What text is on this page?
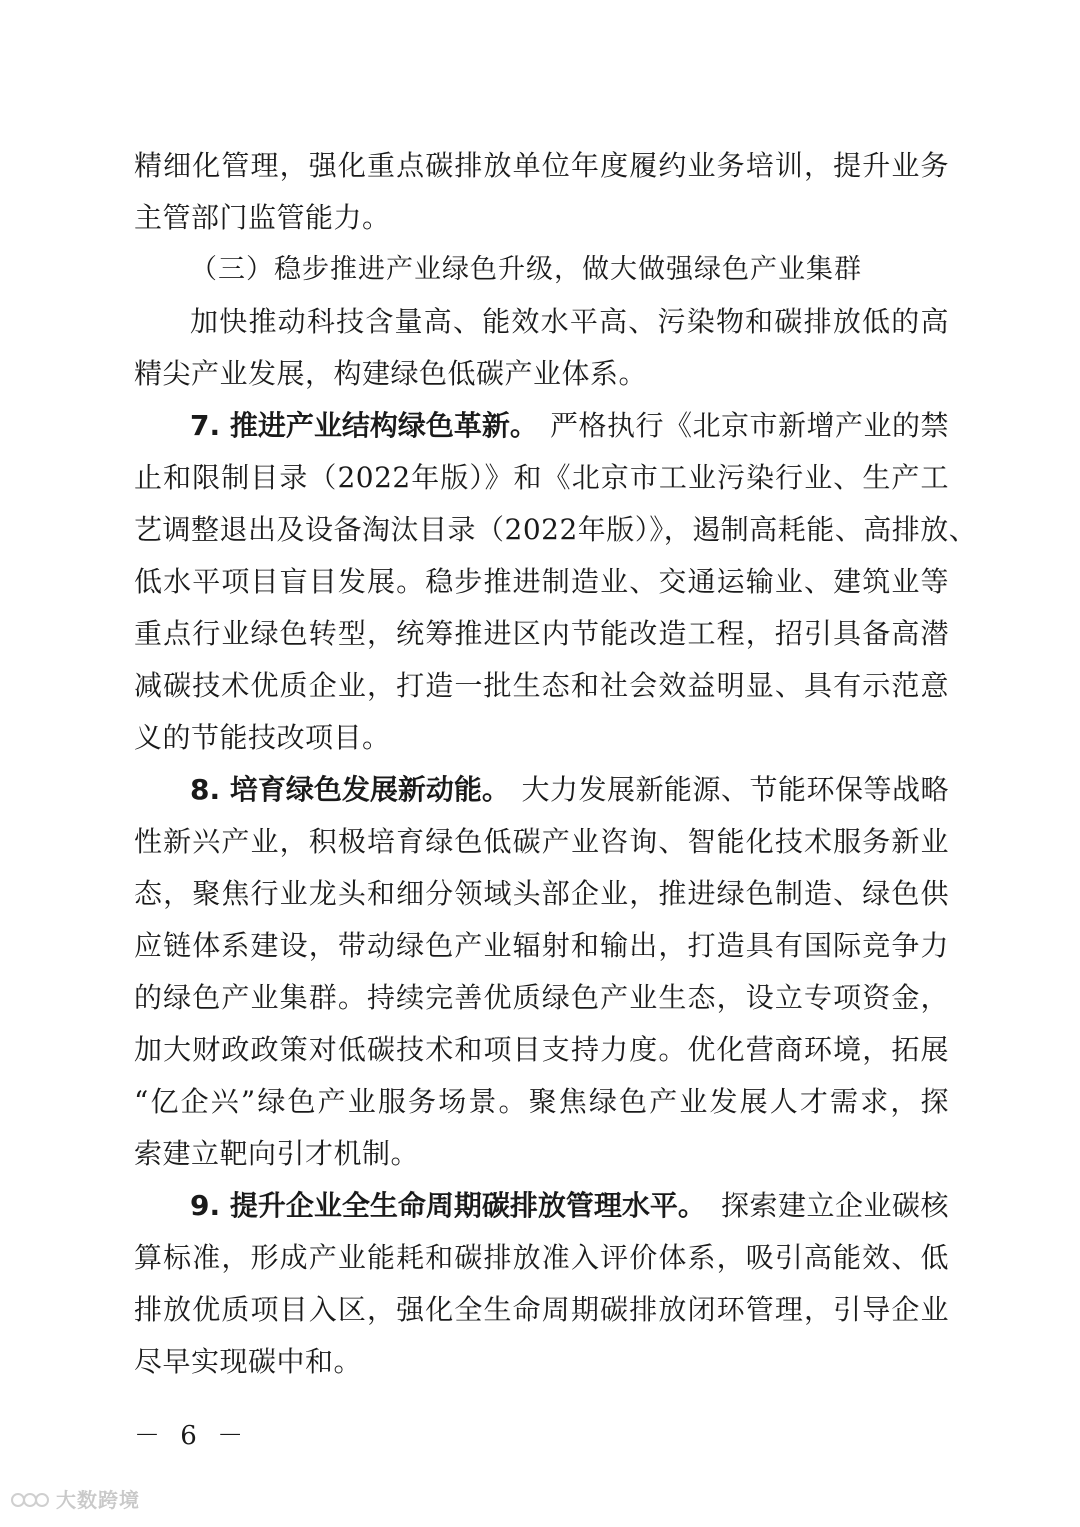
精细化管理，强化重点碳排放单位年度履约业务培训，提升业务
主管部门监管能力。
（三）稳步推进产业绿色升级，做大做强绿色产业集群
加快推动科技含量高、能效水平高、污染物和碳排放低的高
精尖产业发展，构建绿色低碳产业体系。
7. 推进产业结构绿色革新。 严格执行《北京市新增产业的禁
止和限制目录（2022年版）》和《北京市工业污染行业、生产工
艺调整退出及设备淘汰目录（2022年版）》，遏制高耗能、高排放、
低水平项目盲目发展。稳步推进制造业、交通运输业、建筑业等
重点行业绿色转型，统筹推进区内节能改造工程，招引具备高潜
减碳技术优质企业，打造一批生态和社会效益明显、具有示范意
义的节能技改项目。
8. 培育绿色发展新动能。 大力发展新能源、节能环保等战略
性新兴产业，积极培育绿色低碳产业咨询、智能化技术服务新业
态，聚焦行业龙头和细分领域头部企业，推进绿色制造、绿色供
应链体系建设，带动绿色产业辐射和输出，打造具有国际竞争力
的绿色产业集群。持续完善优质绿色产业生态，设立专项资金，
加大财政政策对低碳技术和项目支持力度。优化营商环境，拓展
“亿企兴”绿色产业服务场景。聚焦绿色产业发展人才需求，探
索建立靶向引才机制。
9. 提升企业全生命周期碳排放管理水平。 探索建立企业碳核
算标准，形成产业能耗和碳排放准入评价体系，吸引高能效、低
排放优质项目入区，强化全生命周期碳排放闭环管理，引导企业
尽早实现碳中和。
－ 6 －
大数跨境
